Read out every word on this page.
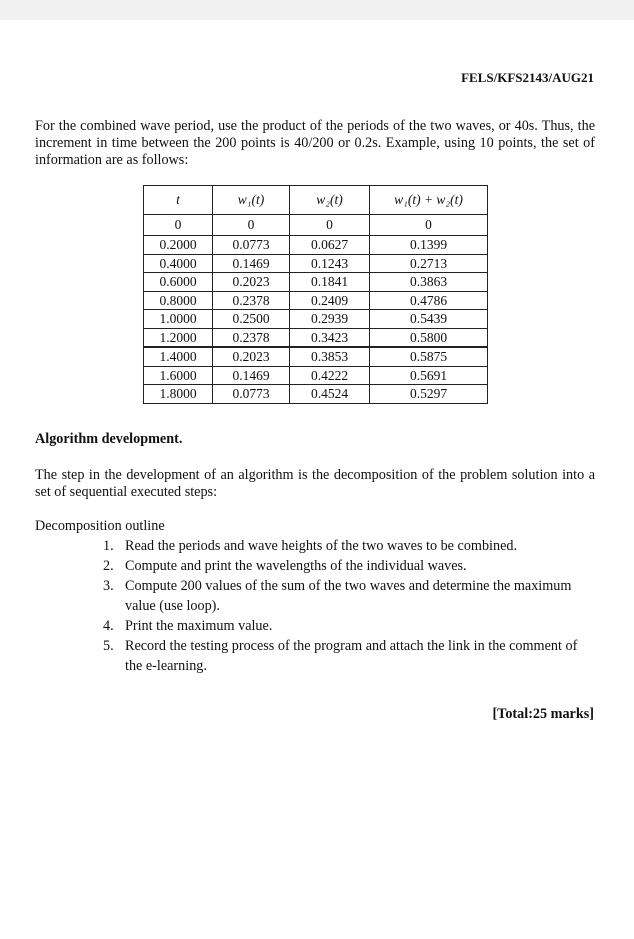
FELS/KFS2143/AUG21
For the combined wave period, use the product of the periods of the two waves, or 40s. Thus, the increment in time between the 200 points is 40/200 or 0.2s. Example, using 10 points, the set of information are as follows:
t	w₁(t)	w₂(t)	w₁(t) + w₂(t)
0	0	0	0
0.2000	0.0773	0.0627	0.1399
0.4000	0.1469	0.1243	0.2713
0.6000	0.2023	0.1841	0.3863
0.8000	0.2378	0.2409	0.4786
1.0000	0.2500	0.2939	0.5439
1.2000	0.2378	0.3423	0.5800
1.4000	0.2023	0.3853	0.5875
1.6000	0.1469	0.4222	0.5691
1.8000	0.0773	0.4524	0.5297
Algorithm development.
The step in the development of an algorithm is the decomposition of the problem solution into a set of sequential executed steps:
Decomposition outline
1. Read the periods and wave heights of the two waves to be combined.
2. Compute and print the wavelengths of the individual waves.
3. Compute 200 values of the sum of the two waves and determine the maximum value (use loop).
4. Print the maximum value.
5. Record the testing process of the program and attach the link in the comment of the e-learning.
[Total:25 marks]
